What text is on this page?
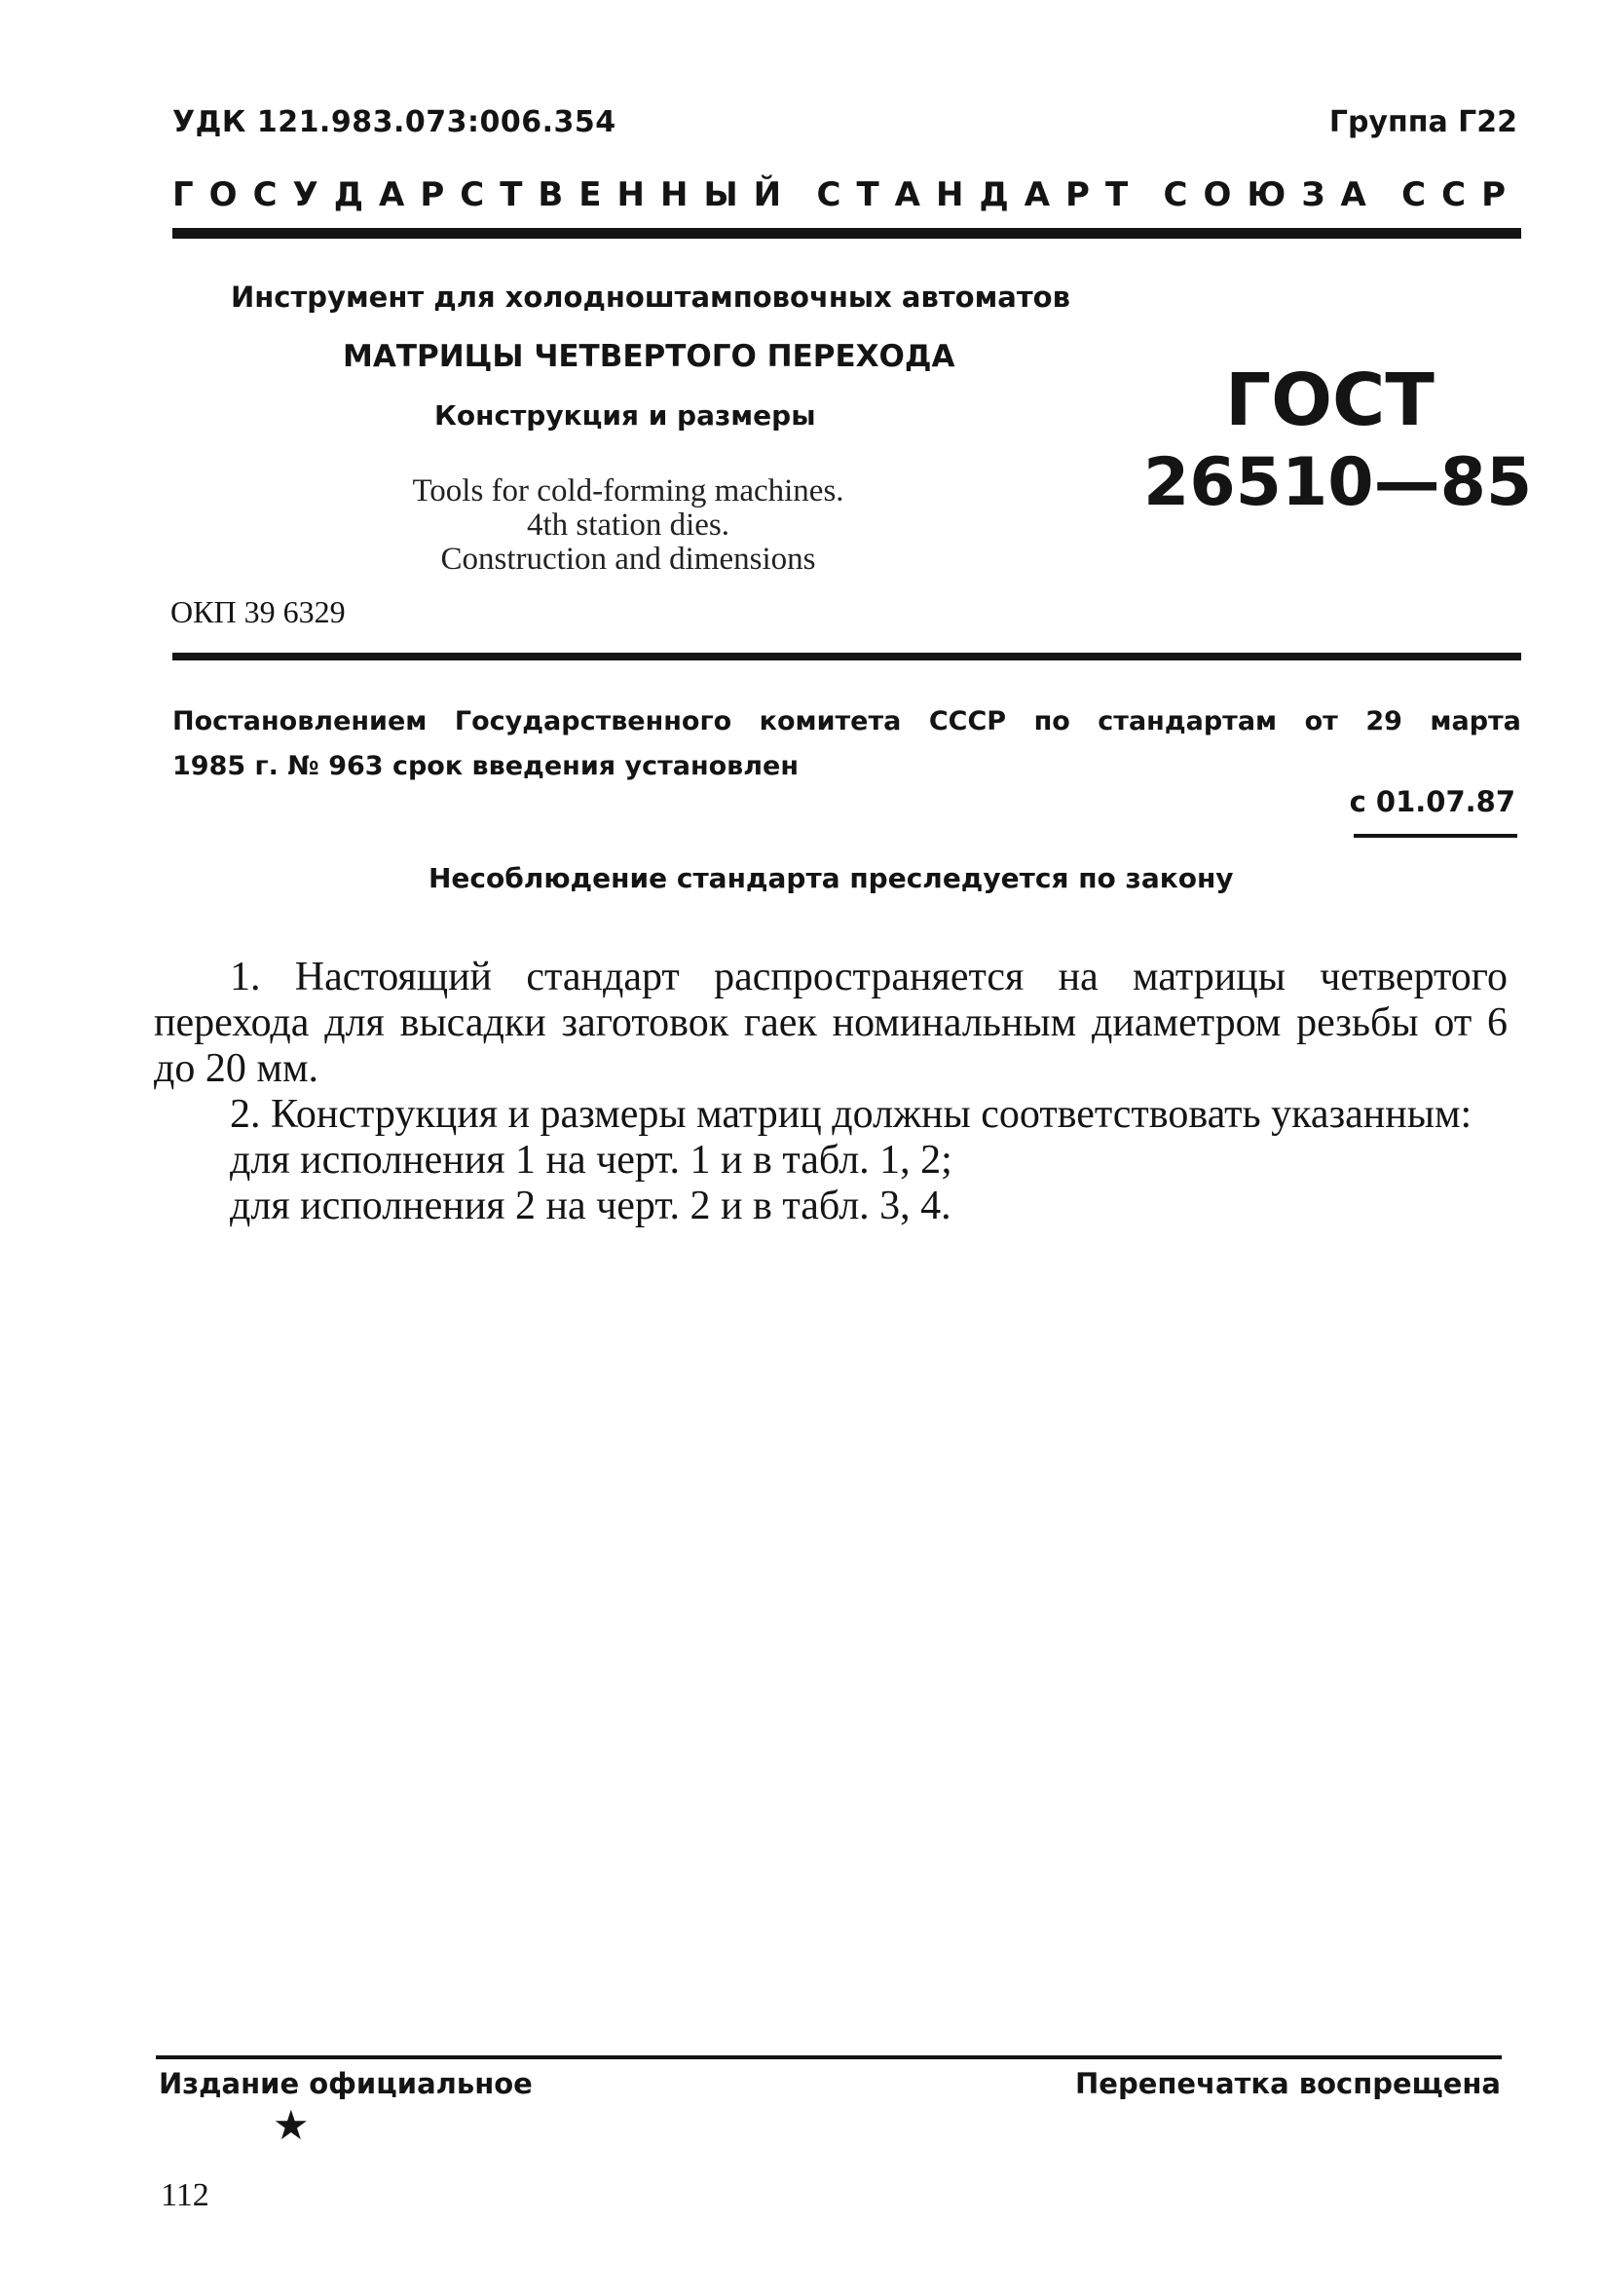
УДК 121.983.073:006.354	Группа Г22
ГОСУДАРСТВЕННЫЙ СТАНДАРТ СОЮЗА ССР
Инструмент для холодноштамповочных автоматов
МАТРИЦЫ ЧЕТВЕРТОГО ПЕРЕХОДА
Конструкция и размеры
Tools for cold-forming machines.
4th station dies.
Construction and dimensions
ГОСТ
26510—85
ОКП 39 6329
Постановлением Государственного комитета СССР по стандартам от 29 марта
1985 г. № 963 срок введения установлен
с 01.07.87
Несоблюдение стандарта преследуется по закону
1. Настоящий стандарт распространяется на матрицы четвертого перехода для высадки заготовок гаек номинальным диаметром резьбы от 6 до 20 мм.
2. Конструкция и размеры матриц должны соответствовать указанным:
для исполнения 1 на черт. 1 и в табл. 1, 2;
для исполнения 2 на черт. 2 и в табл. 3, 4.
Издание официальное	Перепечатка воспрещена
★
112
